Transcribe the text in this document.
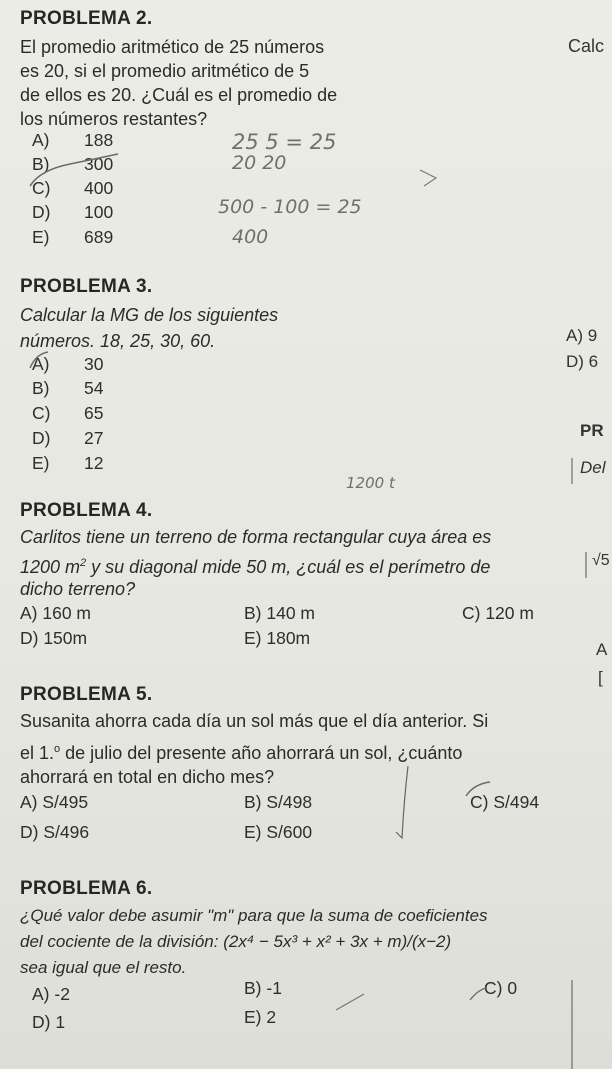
PROBLEMA 2.
El promedio aritmético de 25 números
es 20, si el promedio aritmético de 5
de ellos es 20. ¿Cuál es el promedio de
los números restantes?
A) 188
B) 300
C) 400
D) 100
E) 689
25 5 = 25
20 20
500 - 100 = 25
400
PROBLEMA 3.
Calcular la MG de los siguientes
números. 18, 25, 30, 60.
A) 30
B) 54
C) 65
D) 27
E) 12
1200 t
PROBLEMA 4.
Carlitos tiene un terreno de forma rectangular cuya área es
1200 $m^2$ y su diagonal mide 50 m, ¿cuál es el perímetro de
dicho terreno?
A) 160 m	B) 140 m	C) 120 m
D) 150m	E) 180m
PROBLEMA 5.
Susanita ahorra cada día un sol más que el día anterior. Si
el 1.$^o$ de julio del presente año ahorrará un sol, ¿cuánto
ahorrará en total en dicho mes?
A) S/495	B) S/498	C) S/494
D) S/496	E) S/600
PROBLEMA 6.
¿Qué valor debe asumir "m" para que la suma de coeficientes
del cociente de la división: (2x⁴ − 5x³ + x² + 3x + m)/(x−2)
sea igual que el resto.
A) -2	B) -1	C) 0
D) 1	E) 2
Calc
A) 9
D) 6
PR
Del
√5
A
[
